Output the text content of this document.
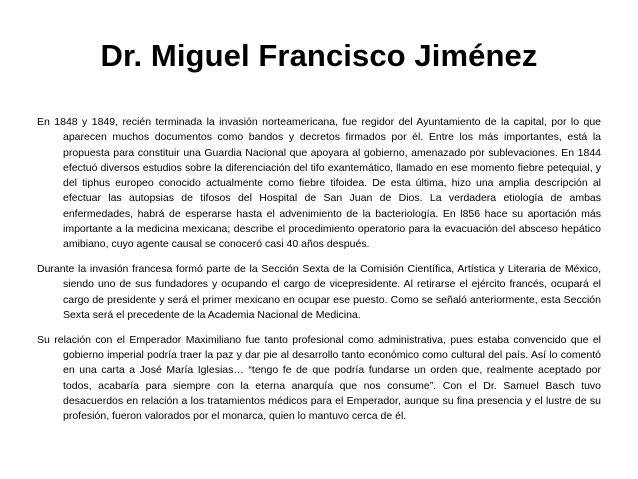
Dr. Miguel Francisco Jiménez

En 1848 y 1849, recién terminada la invasión norteamericana, fue regidor del Ayuntamiento de la capital, por lo que aparecen muchos documentos como bandos y decretos firmados por él. Entre los más importantes, está la propuesta para constituir una Guardia Nacional que apoyara al gobierno, amenazado por sublevaciones. En 1844 efectuó diversos estudios sobre la diferenciación del tifo exantemático, llamado en ese momento fiebre petequial, y del tiphus europeo conocido actualmente como fiebre tifoidea. De esta última, hizo una amplia descripción al efectuar las autopsias de tifosos del Hospital de San Juan de Dios. La verdadera etiología de ambas enfermedades, habrá de esperarse hasta el advenimiento de la bacteriología. En l856 hace su aportación más importante a la medicina mexicana; describe el procedimiento operatorio para la evacuación del absceso hepático amibiano, cuyo agente causal se conoceró casi 40 años después.

Durante la invasión francesa formó parte de la Sección Sexta de la Comisión Científica, Artística y Literaria de México, siendo uno de sus fundadores y ocupando el cargo de vicepresidente. Al retirarse el ejército francés, ocupará el cargo de presidente y será el primer mexicano en ocupar ese puesto. Como se señaló anteriormente, esta Sección Sexta será el precedente de la Academia Nacional de Medicina.

Su relación con el Emperador Maximiliano fue tanto profesional como administrativa, pues estaba convencido que el gobierno imperial podría traer la paz y dar pie al desarrollo tanto económico como cultural del país. Así lo comentó en una carta a José María Iglesias… “tengo fe de que podría fundarse un orden que, realmente aceptado por todos, acabaría para siempre con la eterna anarquía que nos consume”. Con el Dr. Samuel Basch tuvo desacuerdos en relación a los tratamientos médicos para el Emperador, aunque su fina presencia y el lustre de su profesión, fueron valorados por el monarca, quien lo mantuvo cerca de él.
